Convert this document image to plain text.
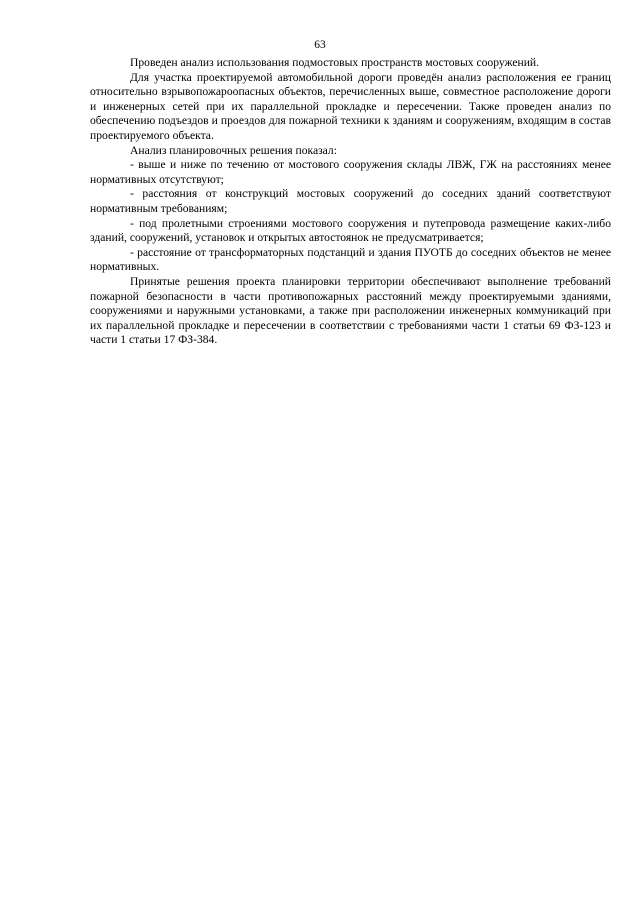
63

Проведен анализ использования подмостовых пространств мостовых сооружений.

Для участка проектируемой автомобильной дороги проведён анализ расположения ее границ относительно взрывопожароопасных объектов, перечисленных выше, совместное расположение дороги и инженерных сетей при их параллельной прокладке и пересечении. Также проведен анализ по обеспечению подъездов и проездов для пожарной техники к зданиям и сооружениям, входящим в состав проектируемого объекта.

Анализ планировочных решения показал:

- выше и ниже по течению от мостового сооружения склады ЛВЖ, ГЖ на расстояниях менее нормативных отсутствуют;

- расстояния от конструкций мостовых сооружений до соседних зданий соответствуют нормативным требованиям;

- под пролетными строениями мостового сооружения и путепровода размещение каких-либо зданий, сооружений, установок и открытых автостоянок не предусматривается;

- расстояние от трансформаторных подстанций и здания ПУОТБ до соседних объектов не менее нормативных.

Принятые решения проекта планировки территории обеспечивают выполнение требований пожарной безопасности в части противопожарных расстояний между проектируемыми зданиями, сооружениями и наружными установками, а также при расположении инженерных коммуникаций при их параллельной прокладке и пересечении в соответствии с требованиями части 1 статьи 69 ФЗ-123 и части 1 статьи 17 ФЗ-384.
